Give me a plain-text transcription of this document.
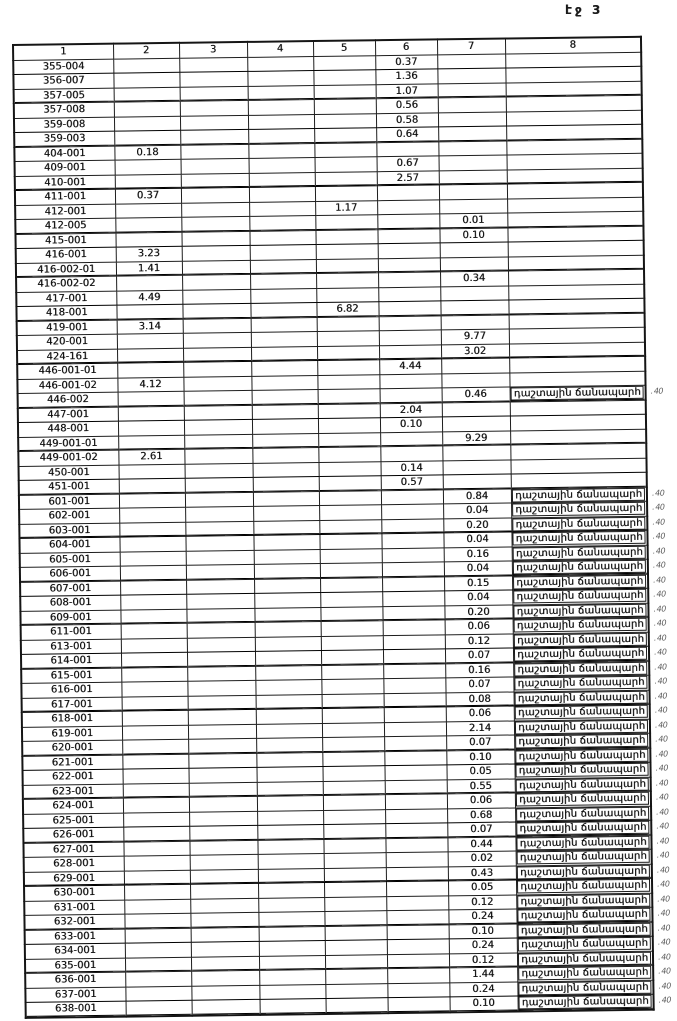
էջ 3
1	2	3	4	5	6	7	8
355-004					0.37		
356-007					1.36		
357-005					1.07		
357-008					0.56		
359-008					0.58		
359-003					0.64		
404-001	0.18						
409-001					0.67		
410-001					2.57		
411-001	0.37						
412-001				1.17			
412-005						0.01	
415-001						0.10	
416-001	3.23						
416-002-01	1.41						
416-002-02						0.34	
417-001	4.49						
418-001				6.82			
419-001	3.14						
420-001						9.77	
424-161						3.02	
446-001-01					4.44		
446-001-02	4.12						
446-002						0.46	դաշտային ճանապարհ . 40

447-001					2.04		
448-001					0.10		
449-001-01						9.29	
449-001-02	2.61						
450-001					0.14		
451-001					0.57		
601-001						0.84	դաշտային ճանապարհ . 40

602-001						0.04	դաշտային ճանապարհ . 40

603-001						0.20	դաշտային ճանապարհ . 40

604-001						0.04	դաշտային ճանապարհ . 40

605-001						0.16	դաշտային ճանապարհ . 40

606-001						0.04	դաշտային ճանապարհ . 40

607-001						0.15	դաշտային ճանապարհ . 40

608-001						0.04	դաշտային ճանապարհ . 40

609-001						0.20	դաշտային ճանապարհ . 40

611-001						0.06	դաշտային ճանապարհ . 40

613-001						0.12	դաշտային ճանապարհ . 40

614-001						0.07	դաշտային ճանապարհ . 40

615-001						0.16	դաշտային ճանապարհ . 40

616-001						0.07	դաշտային ճանապարհ . 40

617-001						0.08	դաշտային ճանապարհ . 40

618-001						0.06	դաշտային ճանապարհ . 40

619-001						2.14	դաշտային ճանապարհ . 40

620-001						0.07	դաշտային ճանապարհ . 40

621-001						0.10	դաշտային ճանապարհ . 40

622-001						0.05	դաշտային ճանապարհ . 40

623-001						0.55	դաշտային ճանապարհ . 40

624-001						0.06	դաշտային ճանապարհ . 40

625-001						0.68	դաշտային ճանապարհ . 40

626-001						0.07	դաշտային ճանապարհ . 40

627-001						0.44	դաշտային ճանապարհ . 40

628-001						0.02	դաշտային ճանապարհ . 40

629-001						0.43	դաշտային ճանապարհ . 40

630-001						0.05	դաշտային ճանապարհ . 40

631-001						0.12	դաշտային ճանապարհ . 40

632-001						0.24	դաշտային ճանապարհ . 40

633-001						0.10	դաշտային ճանապարհ . 40

634-001						0.24	դաշտային ճանապարհ . 40

635-001						0.12	դաշտային ճանապարհ . 40

636-001						1.44	դաշտային ճանապարհ . 40

637-001						0.24	դաշտային ճանապարհ . 40

638-001						0.10	դաշտային ճանապարհ . 40
